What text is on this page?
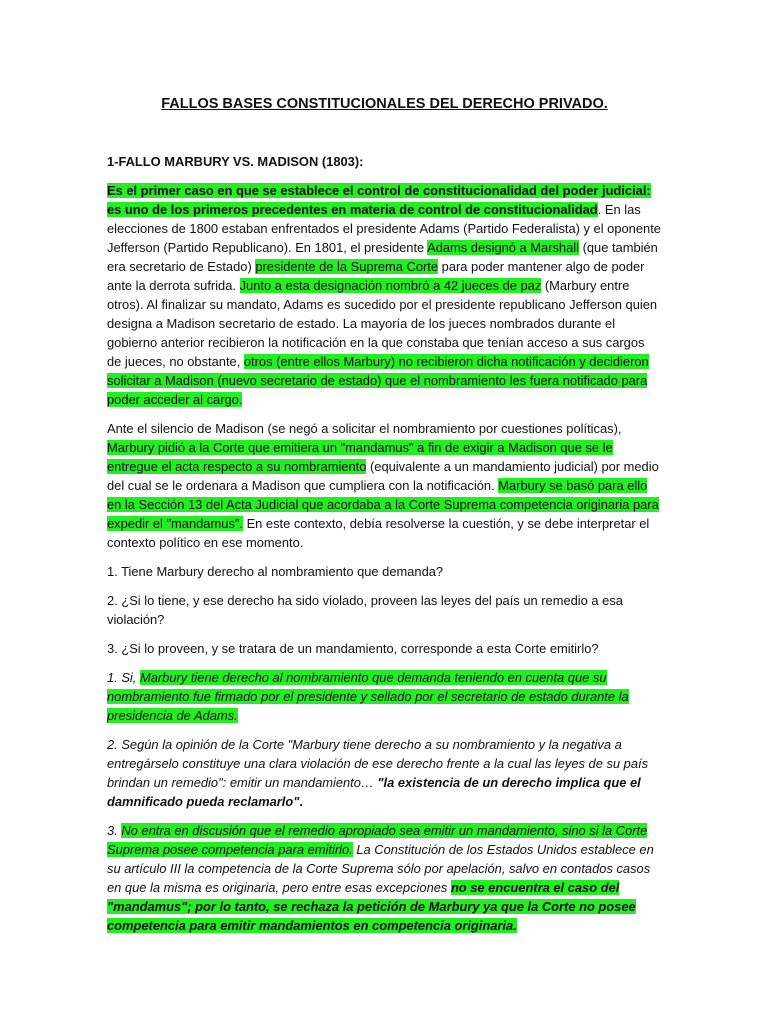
FALLOS BASES CONSTITUCIONALES DEL DERECHO PRIVADO.
1-FALLO MARBURY VS. MADISON (1803):

Es el primer caso en que se establece el control de constitucionalidad del poder judicial: es uno de los primeros precedentes en materia de control de constitucionalidad. En las elecciones de 1800 estaban enfrentados el presidente Adams (Partido Federalista) y el oponente Jefferson (Partido Republicano). En 1801, el presidente Adams designó a Marshall (que también era secretario de Estado) presidente de la Suprema Corte para poder mantener algo de poder ante la derrota sufrida. Junto a esta designación nombró a 42 jueces de paz (Marbury entre otros). Al finalizar su mandato, Adams es sucedido por el presidente republicano Jefferson quien designa a Madison secretario de estado. La mayoría de los jueces nombrados durante el gobierno anterior recibieron la notificación en la que constaba que tenían acceso a sus cargos de jueces, no obstante, otros (entre ellos Marbury) no recibieron dicha notificación y decidieron solicitar a Madison (nuevo secretario de estado) que el nombramiento les fuera notificado para poder acceder al cargo.

Ante el silencio de Madison (se negó a solicitar el nombramiento por cuestiones políticas), Marbury pidió a la Corte que emitiera un "mandamus" a fin de exigir a Madison que se le entregue el acta respecto a su nombramiento (equivalente a un mandamiento judicial) por medio del cual se le ordenara a Madison que cumpliera con la notificación. Marbury se basó para ello en la Sección 13 del Acta Judicial que acordaba a la Corte Suprema competencia originaria para expedir el "mandamus". En este contexto, debía resolverse la cuestión, y se debe interpretar el contexto político en ese momento.

1. Tiene Marbury derecho al nombramiento que demanda?

2. ¿Si lo tiene, y ese derecho ha sido violado, proveen las leyes del país un remedio a esa violación?

3. ¿Si lo proveen, y se tratara de un mandamiento, corresponde a esta Corte emitirlo?

1. Si, Marbury tiene derecho al nombramiento que demanda teniendo en cuenta que su nombramiento fue firmado por el presidente y sellado por el secretario de estado durante la presidencia de Adams.

2. Según la opinión de la Corte "Marbury tiene derecho a su nombramiento y la negativa a entregárselo constituye una clara violación de ese derecho frente a la cual las leyes de su país brindan un remedio": emitir un mandamiento… "la existencia de un derecho implica que el damnificado pueda reclamarlo".

3. No entra en discusión que el remedio apropiado sea emitir un mandamiento, sino si la Corte Suprema posee competencia para emitirlo. La Constitución de los Estados Unidos establece en su artículo III la competencia de la Corte Suprema sólo por apelación, salvo en contados casos en que la misma es originaria, pero entre esas excepciones no se encuentra el caso del "mandamus"; por lo tanto, se rechaza la petición de Marbury ya que la Corte no posee competencia para emitir mandamientos en competencia originaria.
